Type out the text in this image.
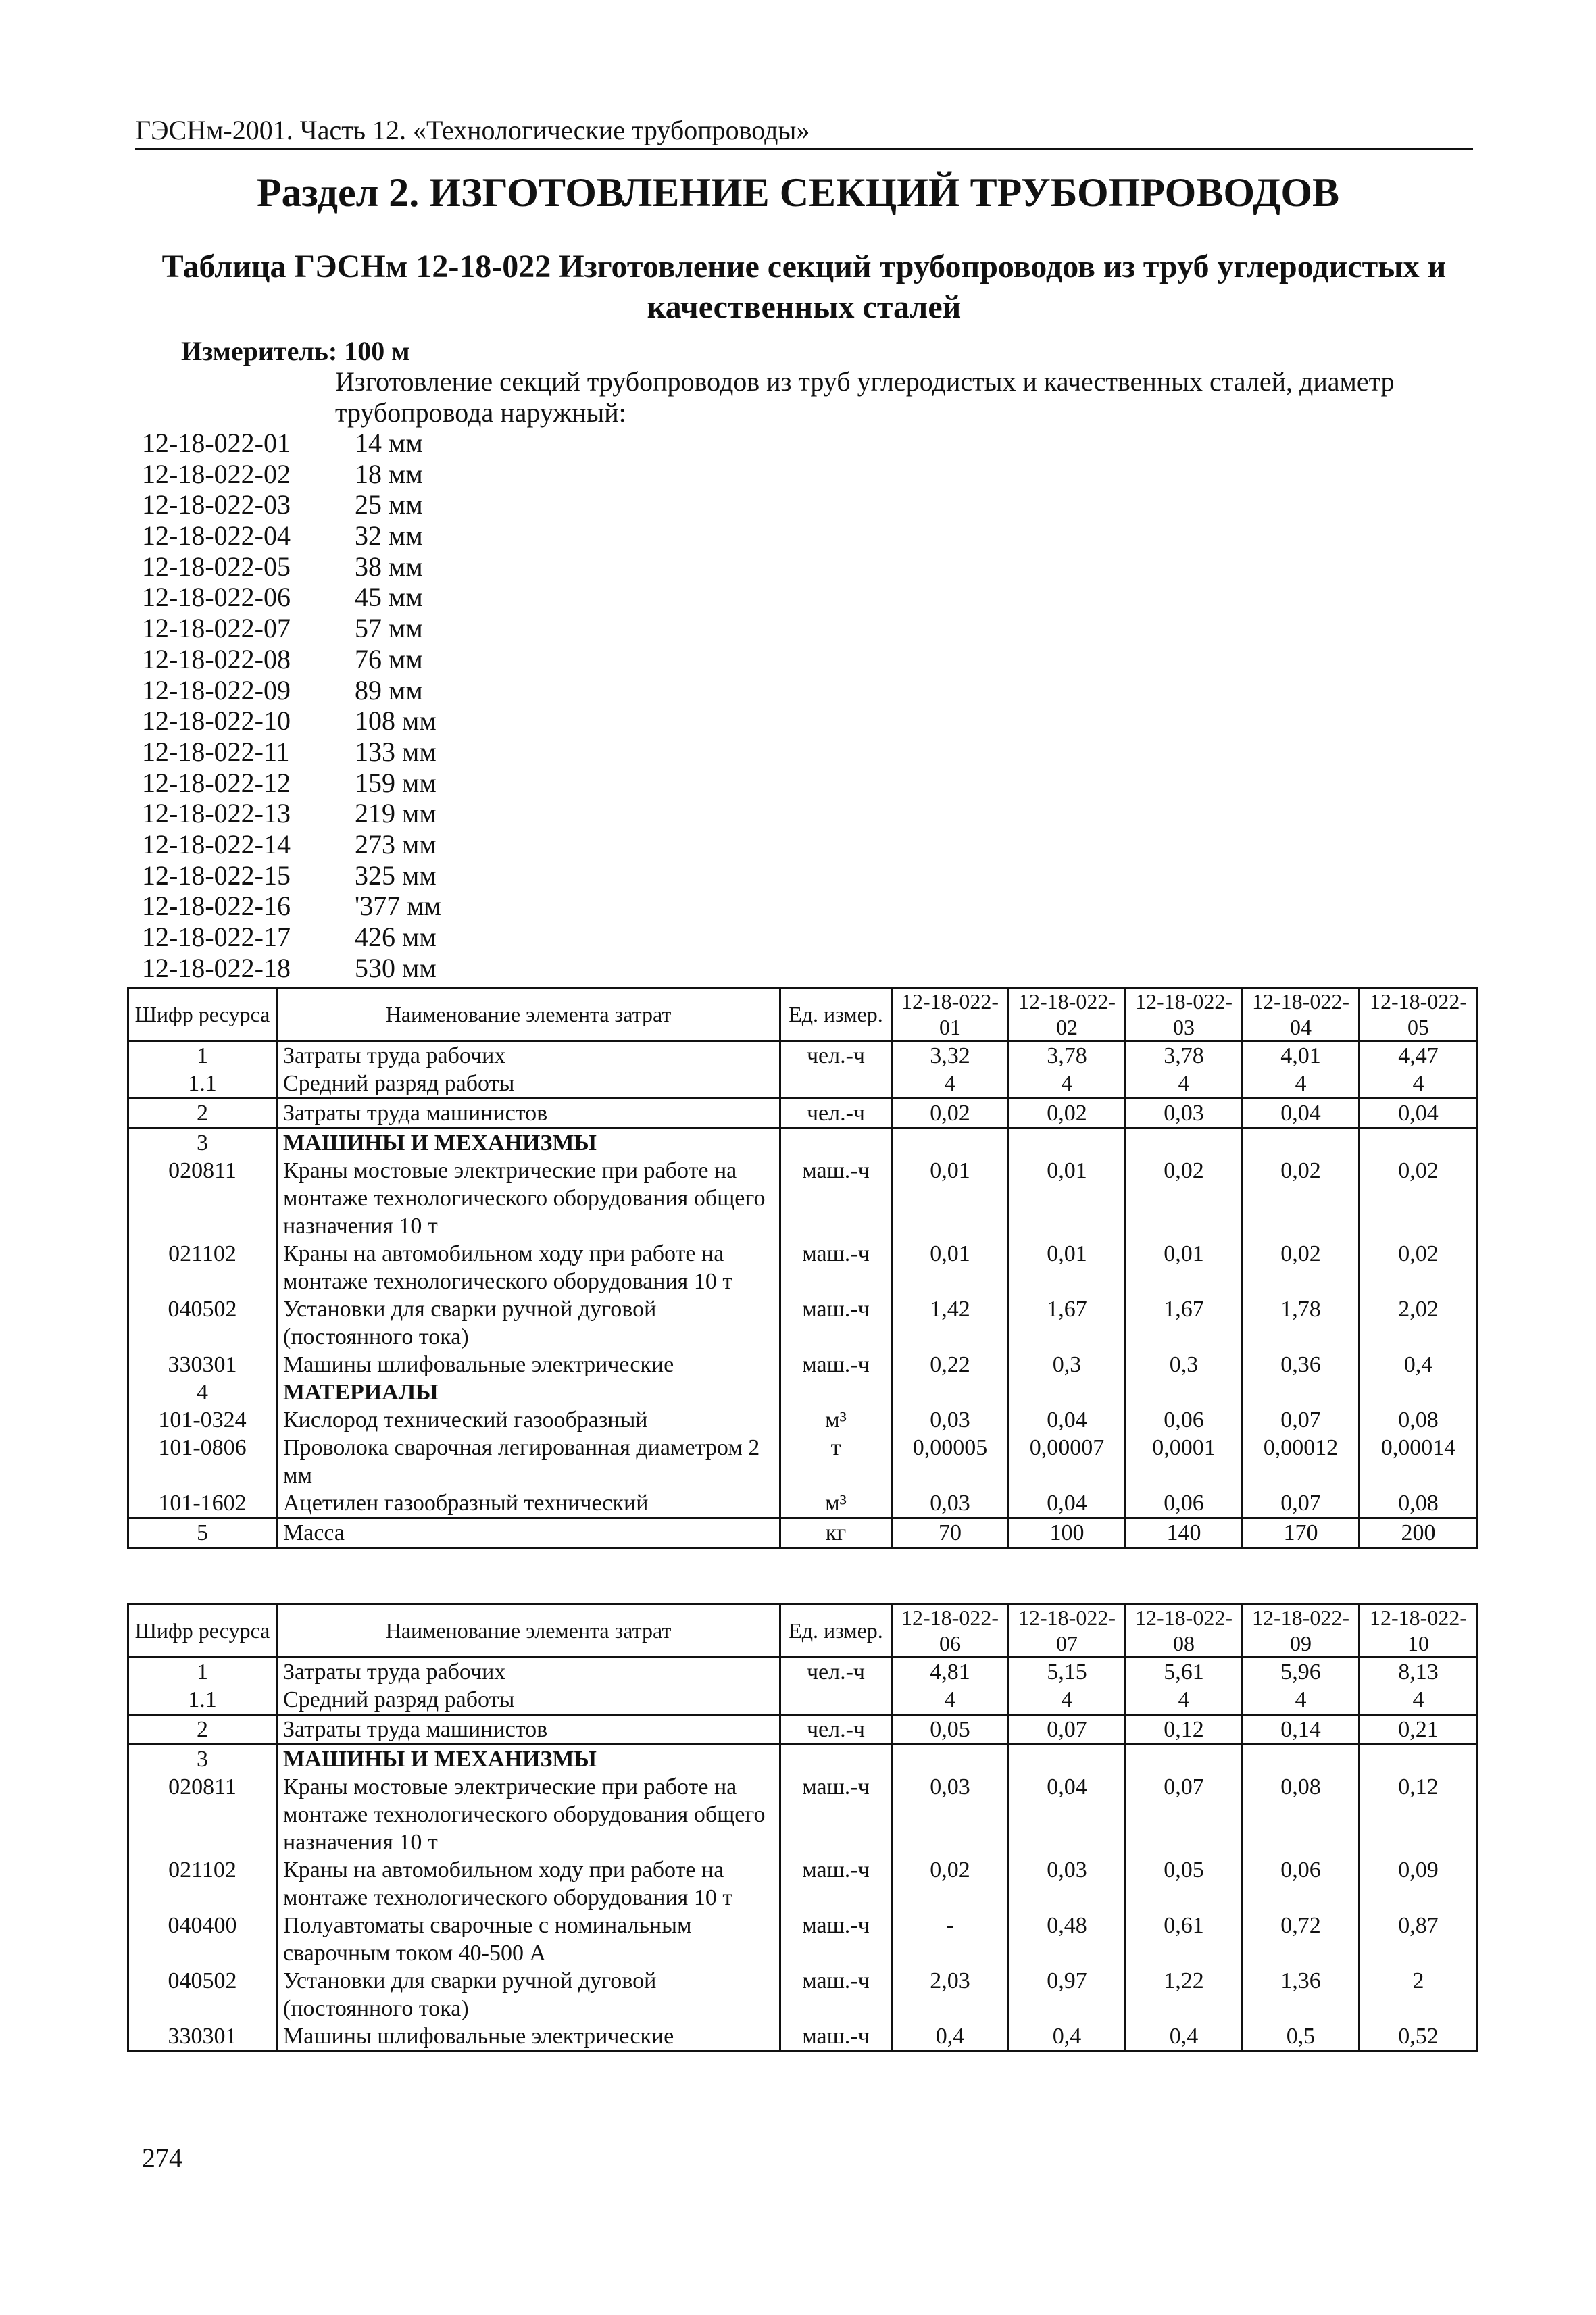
ГЭСНм-2001. Часть 12. «Технологические трубопроводы»
Раздел 2. ИЗГОТОВЛЕНИЕ СЕКЦИЙ ТРУБОПРОВОДОВ
Таблица ГЭСНм 12-18-022 Изготовление секций трубопроводов из труб углеродистых и качественных сталей
Измеритель: 100 м
Изготовление секций трубопроводов из труб углеродистых и качественных сталей, диаметр трубопровода наружный:
12-18-022-01 14 мм
12-18-022-02 18 мм
12-18-022-03 25 мм
12-18-022-04 32 мм
12-18-022-05 38 мм
12-18-022-06 45 мм
12-18-022-07 57 мм
12-18-022-08 76 мм
12-18-022-09 89 мм
12-18-022-10 108 мм
12-18-022-11 133 мм
12-18-022-12 159 мм
12-18-022-13 219 мм
12-18-022-14 273 мм
12-18-022-15 325 мм
12-18-022-16 '377 мм
12-18-022-17 426 мм
12-18-022-18 530 мм
Шифр ресурса	Наименование элемента затрат	Ед. измер.	12-18-022-01	12-18-022-02	12-18-022-03	12-18-022-04	12-18-022-05
1	Затраты труда рабочих	чел.-ч	3,32	3,78	3,78	4,01	4,47
1.1	Средний разряд работы		4	4	4	4	4
2	Затраты труда машинистов	чел.-ч	0,02	0,02	0,03	0,04	0,04
3	МАШИНЫ И МЕХАНИЗМЫ						
020811	Краны мостовые электрические при работе на монтаже технологического оборудования общего назначения 10 т	маш.-ч	0,01	0,01	0,02	0,02	0,02
021102	Краны на автомобильном ходу при работе на монтаже технологического оборудования 10 т	маш.-ч	0,01	0,01	0,01	0,02	0,02
040502	Установки для сварки ручной дуговой (постоянного тока)	маш.-ч	1,42	1,67	1,67	1,78	2,02
330301	Машины шлифовальные электрические	маш.-ч	0,22	0,3	0,3	0,36	0,4
4	МАТЕРИАЛЫ						
101-0324	Кислород технический газообразный	м³	0,03	0,04	0,06	0,07	0,08
101-0806	Проволока сварочная легированная диаметром 2 мм	т	0,00005	0,00007	0,0001	0,00012	0,00014
101-1602	Ацетилен газообразный технический	м³	0,03	0,04	0,06	0,07	0,08
5	Масса	кг	70	100	140	170	200
Шифр ресурса	Наименование элемента затрат	Ед. измер.	12-18-022-06	12-18-022-07	12-18-022-08	12-18-022-09	12-18-022-10
1	Затраты труда рабочих	чел.-ч	4,81	5,15	5,61	5,96	8,13
1.1	Средний разряд работы		4	4	4	4	4
2	Затраты труда машинистов	чел.-ч	0,05	0,07	0,12	0,14	0,21
3	МАШИНЫ И МЕХАНИЗМЫ						
020811	Краны мостовые электрические при работе на монтаже технологического оборудования общего назначения 10 т	маш.-ч	0,03	0,04	0,07	0,08	0,12
021102	Краны на автомобильном ходу при работе на монтаже технологического оборудования 10 т	маш.-ч	0,02	0,03	0,05	0,06	0,09
040400	Полуавтоматы сварочные с номинальным сварочным током 40-500 А	маш.-ч	-	0,48	0,61	0,72	0,87
040502	Установки для сварки ручной дуговой (постоянного тока)	маш.-ч	2,03	0,97	1,22	1,36	2
330301	Машины шлифовальные электрические	маш.-ч	0,4	0,4	0,4	0,5	0,52
274
